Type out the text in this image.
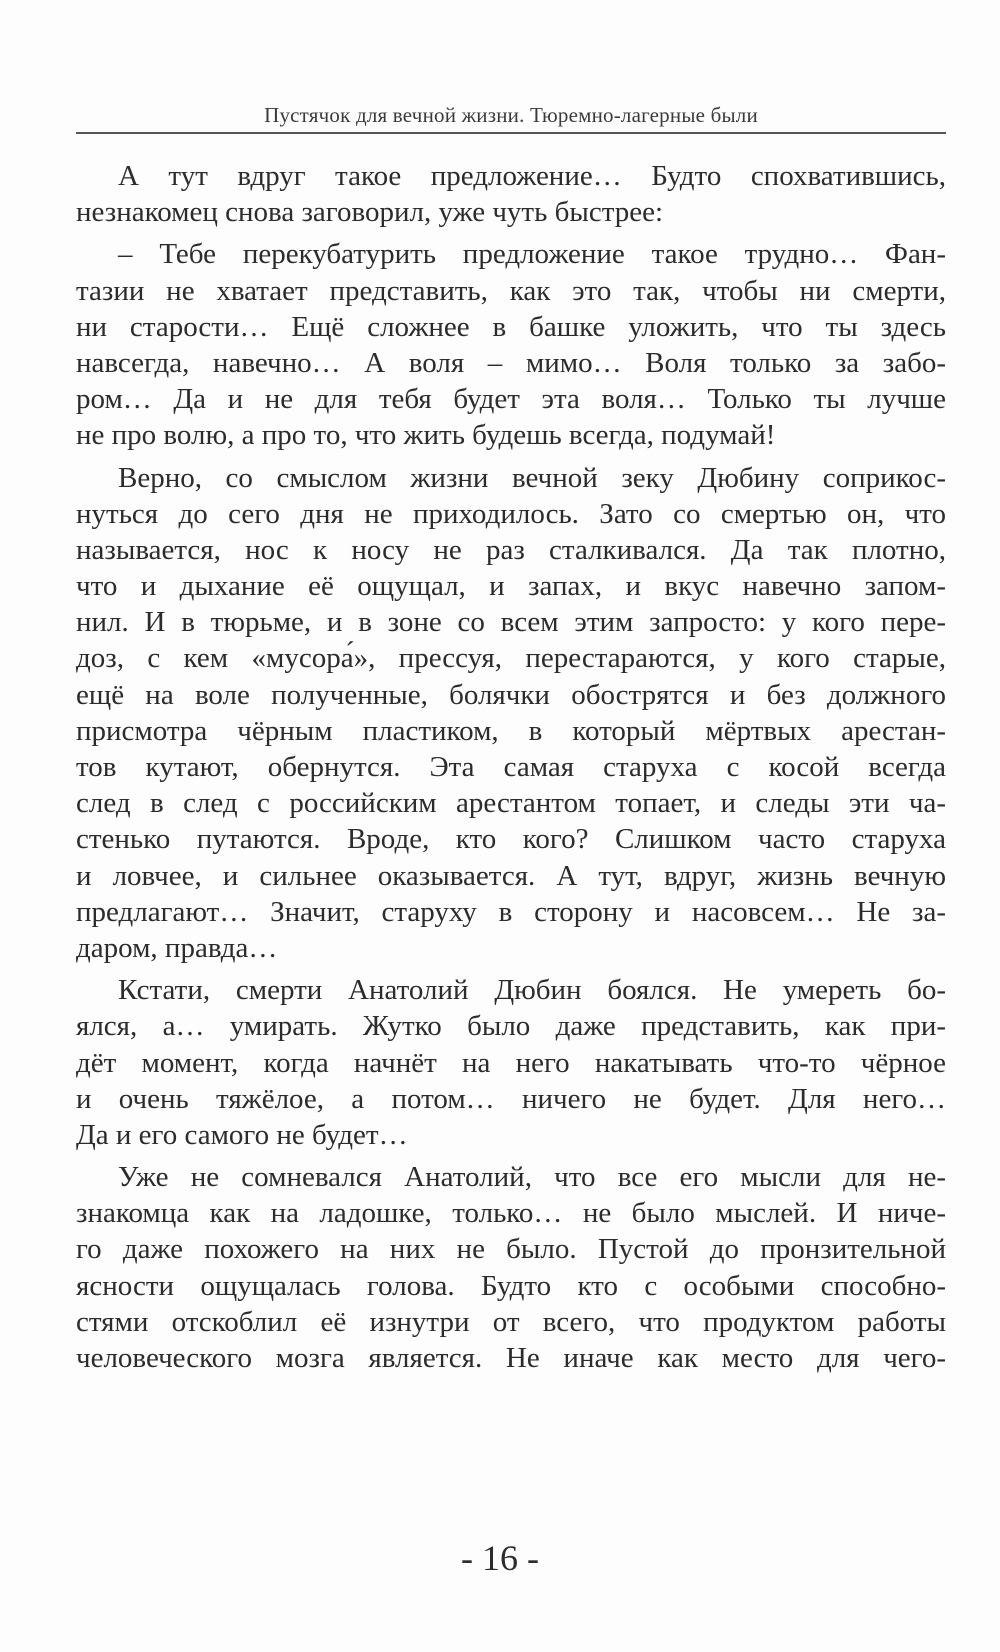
Пустячок для вечной жизни. Тюремно-лагерные были
А тут вдруг такое предложение… Будто спохватившись,
незнакомец снова заговорил, уже чуть быстрее:
– Тебе перекубатурить предложение такое трудно… Фан-
тазии не хватает представить, как это так, чтобы ни смерти,
ни старости… Ещё сложнее в башке уложить, что ты здесь
навсегда, навечно… А воля – мимо… Воля только за забо-
ром… Да и не для тебя будет эта воля… Только ты лучше
не про волю, а про то, что жить будешь всегда, подумай!
Верно, со смыслом жизни вечной зеку Дюбину соприкос-
нуться до сего дня не приходилось. Зато со смертью он, что
называется, нос к носу не раз сталкивался. Да так плотно,
что и дыхание её ощущал, и запах, и вкус навечно запом-
нил. И в тюрьме, и в зоне со всем этим запросто: у кого пере-
доз, с кем «мусора́», прессуя, перестараются, у кого старые,
ещё на воле полученные, болячки обострятся и без должного
присмотра чёрным пластиком, в который мёртвых арестан-
тов кутают, обернутся. Эта самая старуха с косой всегда
след в след с российским арестантом топает, и следы эти ча-
стенько путаются. Вроде, кто кого? Слишком часто старуха
и ловчее, и сильнее оказывается. А тут, вдруг, жизнь вечную
предлагают… Значит, старуху в сторону и насовсем… Не за-
даром, правда…
Кстати, смерти Анатолий Дюбин боялся. Не умереть бо-
ялся, а… умирать. Жутко было даже представить, как при-
дёт момент, когда начнёт на него накатывать что-то чёрное
и очень тяжёлое, а потом… ничего не будет. Для него…
Да и его самого не будет…
Уже не сомневался Анатолий, что все его мысли для не-
знакомца как на ладошке, только… не было мыслей. И ниче-
го даже похожего на них не было. Пустой до пронзительной
ясности ощущалась голова. Будто кто с особыми способно-
стями отскоблил её изнутри от всего, что продуктом работы
человеческого мозга является. Не иначе как место для чего-
- 16 -
